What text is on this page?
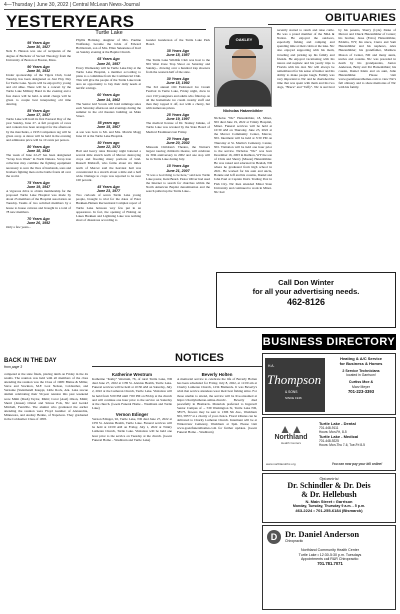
4—Thursday | June 30, 2022 | Central McLean News-Journal
YESTERYEARS
Turtle Lake
95 Years Ago
June 30, 1927

Nels E. Hanson was one of recipients of the degree of Bachelor of Sacred Theology from the University of Boston at Boston, Mass.

90 Years Ago
June 30, 1932

Under sponsorship of the Tigers Club, bond Tuesday has been designated as Just Play Day for Turtle Lake. Sports will be enjoyed by young and old alike. There will be a concert by the Turtle Lake Military Band in the evening and a free dance will be held. A small charge will be given to couple best interpreting old time dancing.

85 Years Ago
June 17, 1937

Turtle Lake will hold its first Pastoral Day of the year Sunday, June 27. A full program of races and contests has been arranged for the afternoon by the merchants, a 1933 Companion rag will be given away. A dance will be held in the evening and admission price will be 10 cents per person.

80 Years Ago
June 18, 1942

The week of June 22-27 has been designated "Scrap Iron Week" in North Dakota. Scrap iron collection may combine the fighting equipment necessary to save the lives of husbands, sons and brothers fighting men on the battle fronts all over the world.

75 Years Ago
June 19, 1947

A vigorous drive to obtain membership for the proposed Turtle Lake Hospital was made by about 25 members of the Hospital association on Tuesday. Teams of two solicited members by a house to house canvass and brought in a total of 78 new members.

70 Years Ago
June 26, 1952

Only a few years...

Phyllis Holtzsky, daughter of Mrs. Pauline Wolfinsky, became the bride of Edward Holmstrom, son of Mrs. Ellen Sukaruska of Karl on Sunday evening at the Baptist Church.

65 Years Ago
June 20, 1957

Every Wednesday will be Turtle Lake Day at the Turtle Lake Hospital, a member according to plans to a committee from the Commercial Club. This will give the people of the Turtle Lake trade area an opportunity to buy their daily needs at terrific savings.

60 Years Ago
June 14, 1962

The Senior Girl Scouts will hold rummage sales each Saturday afternoon and evenings during the summer in the old theaters building on Main Street.

55 years ago
June 15, 1967

A son was born to Mr. and Mrs. Marvin Magg June 10 at the Turtle Lake Hospital.

50 Years ago
June 22, 1972

Hail and heavy rains Monday night battered a several mile stretch north of Mercer destroying crops and flooding many portions of land. Russell Midstaff, who farms about six miles north of Mercer said the heaviest hail was concentrated in a stretch about a mile and a half wide. Damage to crops was reported to be near 100 percent.

45 Years Ago
June 23, 1977

Two carloads of seven Turtle Lake young people, brought to trial for the dates of Ester Brekken-Heinen Recreational Complex report of Turtle Lake between very few put in an appearance. In fact, the opening of Fishing on Lakes Brekken and Lightning Lake was nothing short of disastrous according to

Gunder Gunderson of the Turtle Lake Park Board.

35 Years Ago
June 18, 1987

The Turtle Lake Wildlife Club was host to the ND West Zone Trap Shoot on Saturday and Sunday... drawing over a hundred trap shooters from the western half of the state.

30 Years Ago
June 18, 1992

The 3rd annual Old Fashioned Ice Cream Festival in Turtle Lake, Friday night, drew in over 150 youngsters and adults who filled up on all the homemade ice cream creamy stuff and then they topped it off, not with a cherry, but with numerous prizes.

25 Years Ago
June 19, 1997

The medical license of Dr. Stanley Jahnke, of Turtle Lake was revoked by the State Board of Medical Examiners last Friday.

20 Years Ago
June 20, 2002

Missoula Children's Theatre, the Nation's largest touring children's theatre, will celebrate its 30th anniversary in 2002 and one stop will be in Turtle Lake during July.

15 Years Ago
June 21, 2007

"It was a God thing to be here," said new Turtle Lake pastor, Kent Beard. Pastor Oliver had used the Internet to search for churches within the North American Baptist denomination and the search pulled up the Turtle Lake...

BACK IN THE DAY
from page 3

competed at the state finals, placing ninth on Friday in the 4x results. The reunion was held with all members of the class attending the reunion was the Class of 1968: Blaine & Miller, Steve and Stockton, M.F. Lost Nelson, Coldsurber, and Vernaine (Steinmandl Kauppi, Little Rock, Ark. Lake rescue alumni celebrating their 50-year reunion this past weekend were Mimi (Dash) Taylor, Mimi; Carol (Asel) Olson, Mimi; Sherri (Jensen) Olstad and Smoss Fols, Nic and Gerald Mitchell, Fentville. The alumni who graduated the earlier attending the reunion were Floyd Gunther of Alexandria, Minnesota, and Audrey Berkie, of Napoleon. They graduated in the Coldsurber Class of 1958.

NOTICES
Katherine Westrum

Katherine "Kathy" Westrum, 76, of rural Turtle Lake, ND died June 27, 2022 at CHI St. Alexius Health, Turtle Lake. Funeral services will be held at 10:30 AM on Saturday, July 2, 2022 at the Lutheran Church, Turtle Lake. Visitation will be held from 5:00 PM until 7:00 PM on Friday at the church and will continue one hour prior to the service on Saturday at the church. (Goetz Funeral Home – Washburn and Turtle Lake)

Vernon Edinger

Vernon Edinger, 92, Turtle Lake, ND died June 27, 2022 at CHI St. Alexius Health, Turtle Lake. Funeral services will be held at 10:00 AM on Friday, July 1, 2022 at Trinity Lutheran Church, Turtle Lake. Visitation will be held one hour prior to the service on Tuesday at the church. (Goetz Funeral Home – Washburn and Turtle Lake)

Beverly Holten

A memorial service to celebrate the life of Beverly Holten has been scheduled for Friday, July 8, 2022, at 11:00 am at Charity Lutheran Church, 1234 Bismarck. It was Beverly's wish that service attendees wear their best fishing attire. For those unable to attend, the service will be live-streamed at https://charitylutheran.online.church/. Beverly died peacefully in Bismarck. Materials preferred to Ingersoll Senior Campus of ... 539 Washington St, Turtle Lake ND, 58575, flowers may be sent to 1306 5th Ave., Washburn ND, 58577 at a charity of your choice. Floral tributes can be delivered to Charity Lutheran Church. Interment will be at Winterview Cemetery, Washburn at 3pm. Please visit www.goetzfuneralhomes.com for further updates. (Goetz Funeral Home – Washburn)

OBITUARIES
OAKLEY
Nicholas Hatzenbihler

Nicholas "Nic" Hatzenbihler, 18, Minot, ND died June 19, 2022 at Trinity Hospital, Minot. Funeral services will be held at 10:30 AM on Thursday, June 23, 2022 at the Mercer Community Center, Mercer, ND. Interment will be held at 3:30 PM on Thursday at St. Martin's Cemetery, Center, ND. Visitation will be held one hour prior to the service. Nicholas "Nic" was born December 16, 2003 in Ruthton, WY the son of Chris and Sherry (Mason) Hatzenbihler. He was raised and educated in Beulah, ND where he graduated from high school in 2021. He worked for his aunt and uncle, Bonnie and Jeff and his cousins, Daniel and John Paul at Captain Dan's Trading Post in Fish City. Nic then attended Minot State University and continued to work in Minot. Nic had

recently started to ranch and raise cattle. He was a proud member of the NRA & Nation. He enjoyed the outdoors, especially fishing and camping and spending time at their cabin at the lake. Nic also enjoyed supporting with his mom, traveling and picking up his family and friends. He enjoyed vacationing with his nieces and nephew and his yearly trips to Florida with his dad. Nic will always be remembered for his sense of humor and his ability to make people laugh. Family was very important to Nic and he cherished the time that was spent with them and his two dogs, "Bruce" and "Taffy". Nic is survived by his parents, Sherry (Lyle) Zinke of Mercer and Chuck Hatzenbihler of Center; his brother, Jesse (Erica) Hatzenbihler, Eddelia, WY; his niece, Cierra and Sam Hatzenbihler and his nephews, Alex Hatzenbihler; his grandfather, Matthew Mason of Center, ND and many aunts, uncles and cousins. Nic was preceded in death by his grandparents, Janice Anderson, Betty and Pet Hatzenbihler; his cousin, Daniel Klein and an aunt, Julie Hatzenbihler. Please visit www.goetzfuneralhomes.com to view Nic's full obituary and to share memories of Nic with his family.

Call Don Winter
for all your advertising needs.
462-8126
BUSINESS DIRECTORY
H.A.
Thompson
& SONS
SINCE 1946
Heating & A/C Service
for Business & Homes
2 Service Technicians
located in Garrison!
Curtiss Moe &
Marv Meyer
701-223-3393
▲▲
Northland
Health Centers
www.northlandchc.org
Turtle Lake - Dental
701-448-9111
Hours: Mon-Fri, 8-5
Turtle Lake - Medical
701-448-9225
Hours: Mon-Thu 7-6, Tue-Fri 8-5
You can now pay your bill online!
Optometrist
Dr. Schindler & Dr. Deis
& Dr. Hellebush
N. Main Street • Garrison
Monday, Tuesday, Thursday 9 a.m. - 5 p.m.
463-2224 • 701-255-6184 (Bismarck)
D Dr. Daniel Anderson
Chiropractic
Northland Community Health Center
Turtle Lake • 12:30-5:30 p.m. Tuesdays
Appointments call R&R Chiropractic:
701.781.7071
